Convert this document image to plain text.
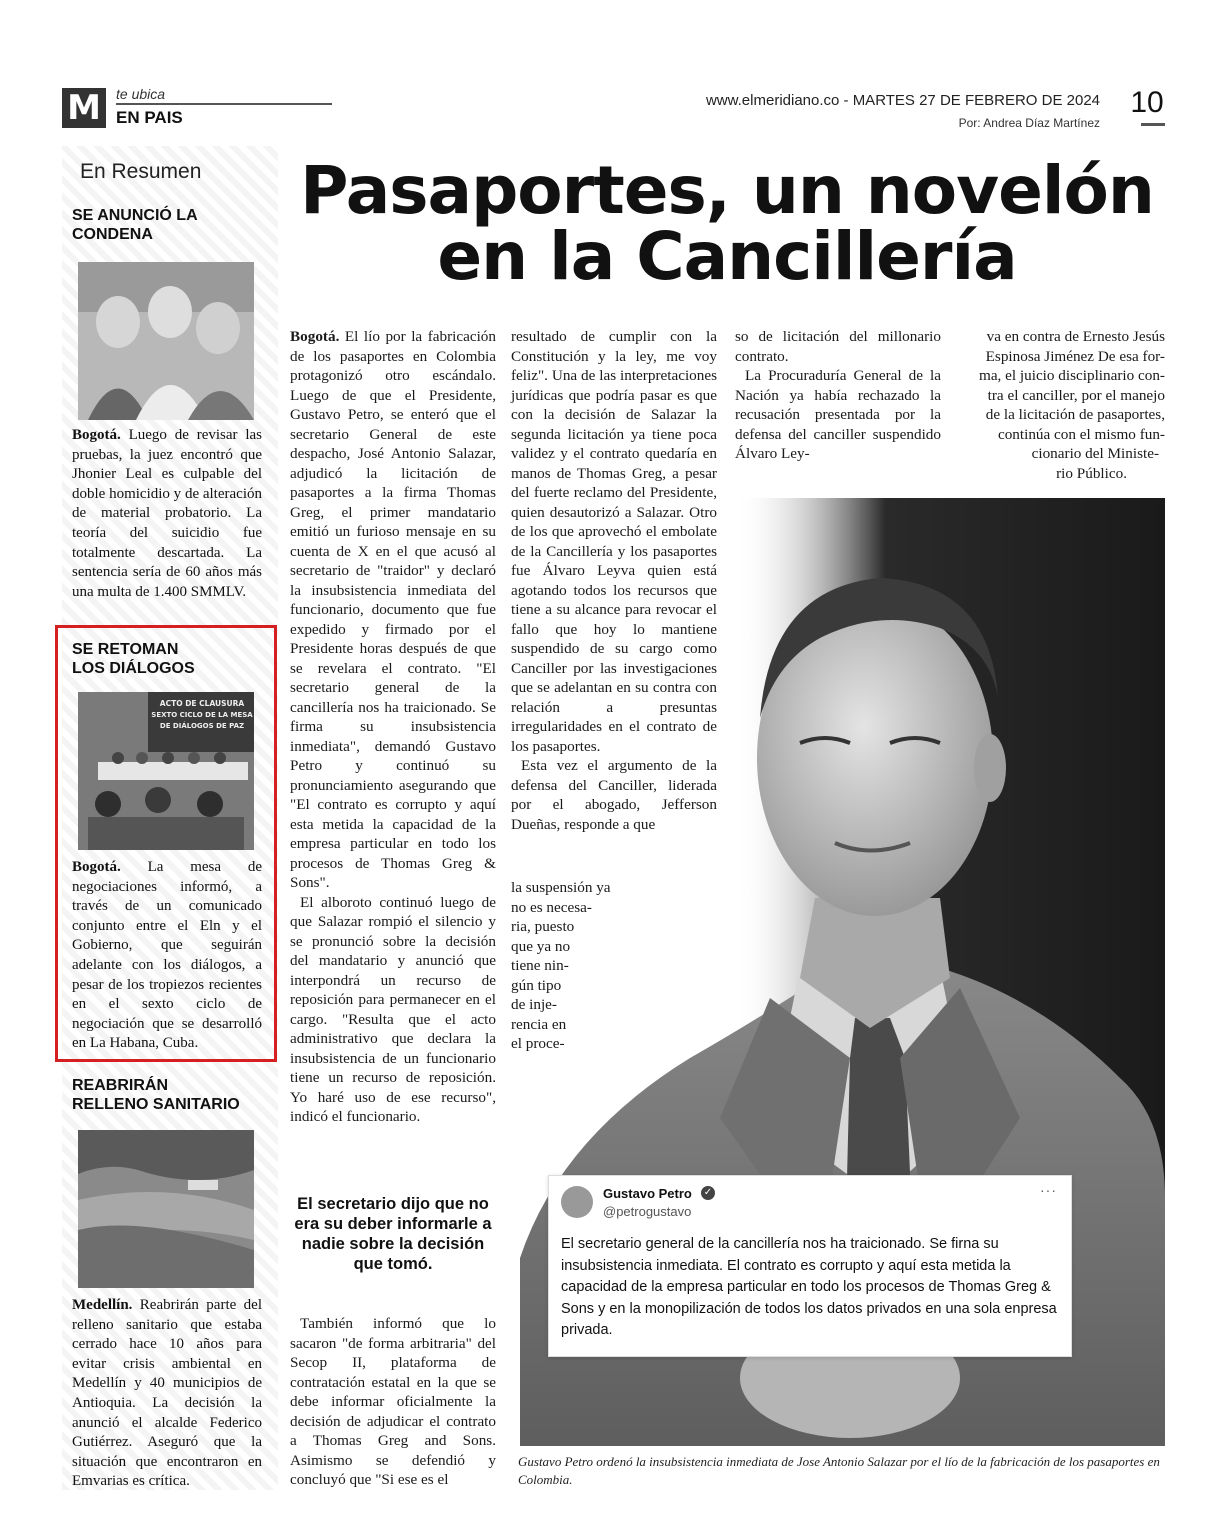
M	te ubica
EN PAIS
www.elmeridiano.co - MARTES 27 DE FEBRERO DE 2024
Por: Andrea Díaz Martínez
10
En Resumen
SE ANUNCIÓ LA
CONDENA
Bogotá. Luego de revisar las pruebas, la juez encontró que Jhonier Leal es culpable del doble homicidio y de alteración de material probatorio. La teoría del suicidio fue totalmente descartada. La sentencia sería de 60 años más una multa de 1.400 SMMLV.
SE RETOMAN
LOS DIÁLOGOS
ACTO DE CLAUSURA
SEXTO CICLO DE LA MESA
DE DIÁLOGOS DE PAZ
Bogotá. La mesa de negociaciones informó, a través de un comunicado conjunto entre el Eln y el Gobierno, que seguirán adelante con los diálogos, a pesar de los tropiezos recientes en el sexto ciclo de negociación que se desarrolló en La Habana, Cuba.
REABRIRÁN
RELLENO SANITARIO
Medellín. Reabrirán parte del relleno sanitario que estaba cerrado hace 10 años para evitar crisis ambiental en Medellín y 40 municipios de Antioquia. La decisión la anunció el alcalde Federico Gutiérrez. Aseguró que la situación que encontraron en Emvarias es crítica.
Pasaportes, un novelón
en la Cancillería

Bogotá. El lío por la fabricación de los pasaportes en Colombia protagonizó otro escándalo. Luego de que el Presidente, Gustavo Petro, se enteró que el secretario General de este despacho, José Antonio Salazar, adjudicó la licitación de pasaportes a la firma Thomas Greg, el primer mandatario emitió un furioso mensaje en su cuenta de X en el que acusó al secretario de "traidor" y declaró la insubsistencia inmediata del funcionario, documento que fue expedido y firmado por el Presidente horas después de que se revelara el contrato. "El secretario general de la cancillería nos ha traicionado. Se firma su insubsistencia inmediata", demandó Gustavo Petro y continuó su pronunciamiento asegurando que "El contrato es corrupto y aquí esta metida la capacidad de la empresa particular en todo los procesos de Thomas Greg & Sons".

El alboroto continuó luego de que Salazar rompió el silencio y se pronunció sobre la decisión del mandatario y anunció que interpondrá un recurso de reposición para permanecer en el cargo. "Resulta que el acto administrativo que declara la insubsistencia de un funcionario tiene un recurso de reposición. Yo haré uso de ese recurso", indicó el funcionario.

El secretario dijo que no era su deber informarle a nadie sobre la decisión que tomó.

También informó que lo sacaron "de forma arbitraria" del Secop II, plataforma de contratación estatal en la que se debe informar oficialmente la decisión de adjudicar el contrato a Thomas Greg and Sons. Asimismo se defendió y concluyó que "Si ese es el

resultado de cumplir con la Constitución y la ley, me voy feliz". Una de las interpretaciones jurídicas que podría pasar es que con la decisión de Salazar la segunda licitación ya tiene poca validez y el contrato quedaría en manos de Thomas Greg, a pesar del fuerte reclamo del Presidente, quien desautorizó a Salazar. Otro de los que aprovechó el embolate de la Cancillería y los pasaportes fue Álvaro Leyva quien está agotando todos los recursos que tiene a su alcance para revocar el fallo que hoy lo mantiene suspendido de su cargo como Canciller por las investigaciones que se adelantan en su contra con relación a presuntas irregularidades en el contrato de los pasaportes.

Esta vez el argumento de la defensa del Canciller, liderada por el abogado, Jefferson Dueñas, responde a que

la suspensión ya
no es necesa-
ria, puesto
que ya no
tiene nin-
gún tipo
de inje-
rencia en
el proce-

so de licitación del millonario contrato.

La Procuraduría General de la Nación ya había rechazado la recusación presentada por la defensa del canciller suspendido Álvaro Ley-

va en contra de Ernesto Jesús
Espinosa Jiménez De esa for-
ma, el juicio disciplinario con-
tra el canciller, por el manejo
de la licitación de pasaportes,
continúa con el mismo fun-
cionario del Ministe-
rio Público.
Gustavo Petro ✓
@petrogustavo
···
El secretario general de la cancillería nos ha traicionado. Se firna su insubsistencia inmediata. El contrato es corrupto y aquí esta metida la capacidad de la empresa particular en todo los procesos de Thomas Greg & Sons y en la monopilización de todos los datos privados en una sola enpresa privada.
Gustavo Petro ordenó la insubsistencia inmediata de Jose Antonio Salazar por el lío de la fabricación de los pasaportes en Colombia.
